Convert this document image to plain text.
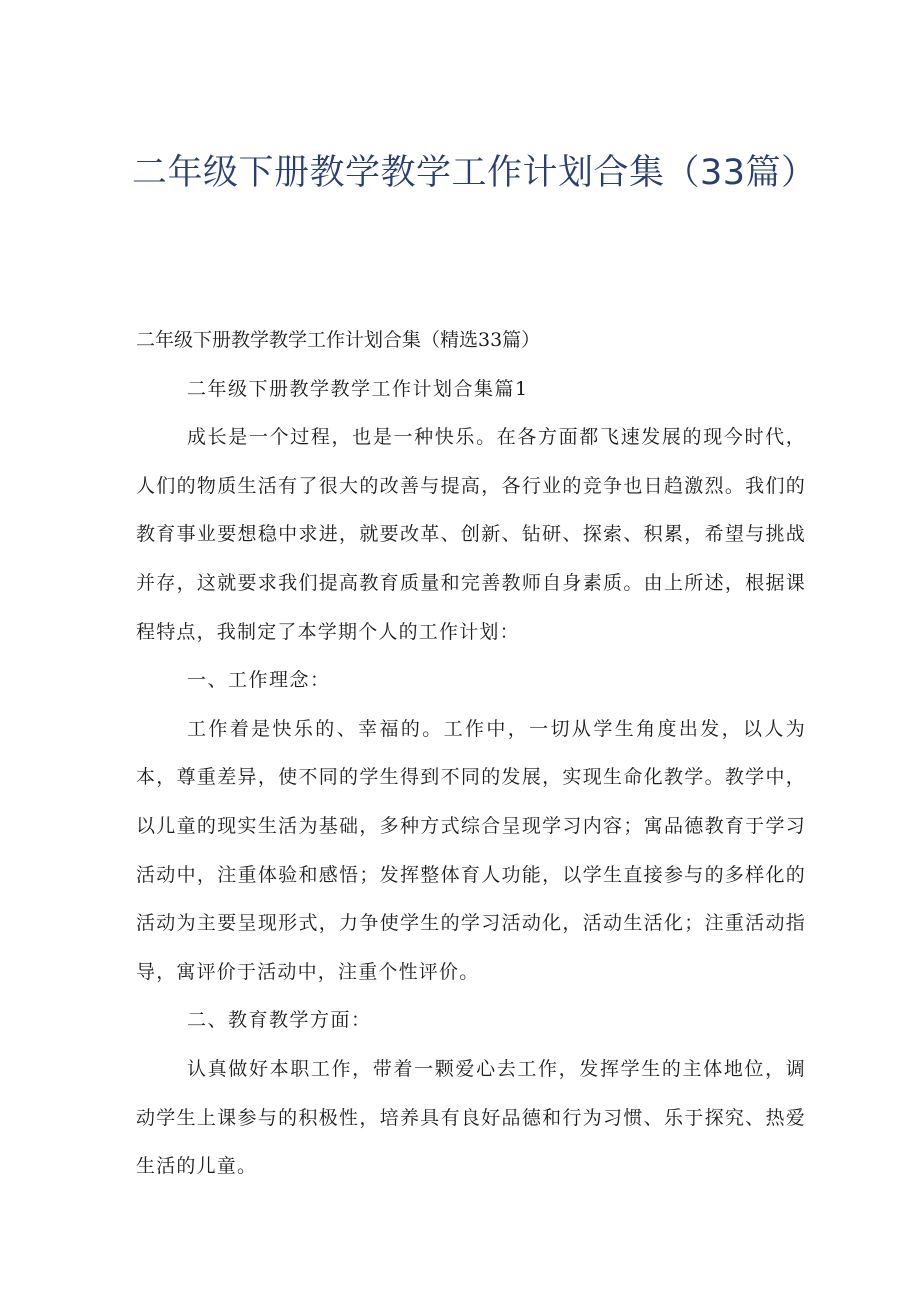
二年级下册教学教学工作计划合集（33篇）

二年级下册教学教学工作计划合集（精选33篇）

二年级下册教学教学工作计划合集篇1

成长是一个过程，也是一种快乐。在各方面都飞速发展的现今时代，人们的物质生活有了很大的改善与提高，各行业的竞争也日趋激烈。我们的教育事业要想稳中求进，就要改革、创新、钻研、探索、积累，希望与挑战并存，这就要求我们提高教育质量和完善教师自身素质。由上所述，根据课程特点，我制定了本学期个人的工作计划：

一、工作理念：

工作着是快乐的、幸福的。工作中，一切从学生角度出发，以人为本，尊重差异，使不同的学生得到不同的发展，实现生命化教学。教学中，以儿童的现实生活为基础，多种方式综合呈现学习内容；寓品德教育于学习活动中，注重体验和感悟；发挥整体育人功能，以学生直接参与的多样化的活动为主要呈现形式，力争使学生的学习活动化，活动生活化；注重活动指导，寓评价于活动中，注重个性评价。

二、教育教学方面：

认真做好本职工作，带着一颗爱心去工作，发挥学生的主体地位，调动学生上课参与的积极性，培养具有良好品德和行为习惯、乐于探究、热爱生活的儿童。
